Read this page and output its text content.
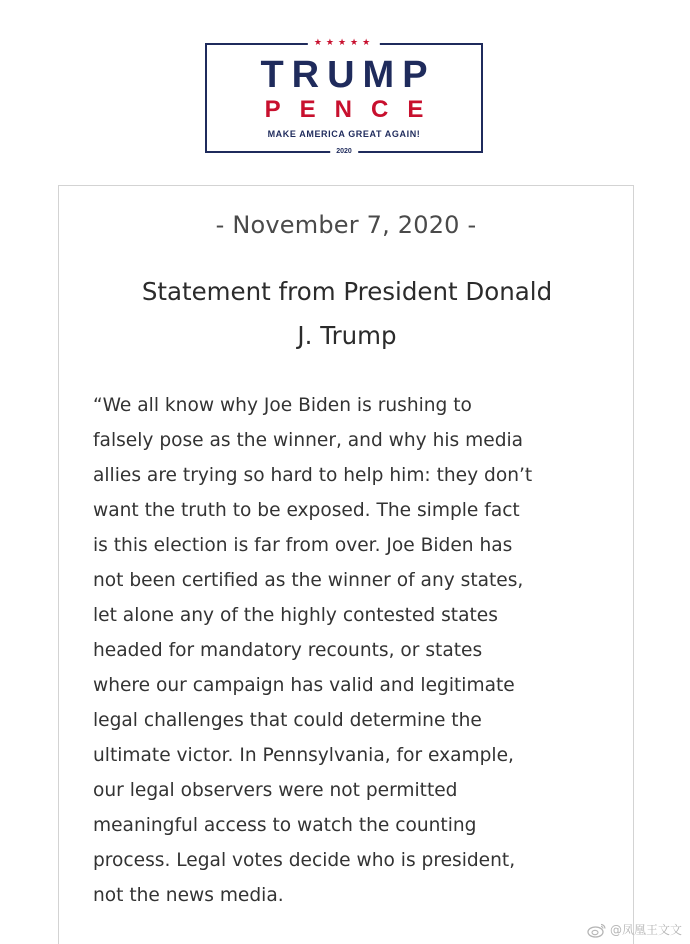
★★★★★
TRUMP
PENCE
MAKE AMERICA GREAT AGAIN!
2020
- November 7, 2020 -
Statement from President Donald
J. Trump

“We all know why Joe Biden is rushing to
falsely pose as the winner, and why his media
allies are trying so hard to help him: they don’t
want the truth to be exposed. The simple fact
is this election is far from over. Joe Biden has
not been certified as the winner of any states,
let alone any of the highly contested states
headed for mandatory recounts, or states
where our campaign has valid and legitimate
legal challenges that could determine the
ultimate victor. In Pennsylvania, for example,
our legal observers were not permitted
meaningful access to watch the counting
process. Legal votes decide who is president,
not the news media.

@凤凰王文文
